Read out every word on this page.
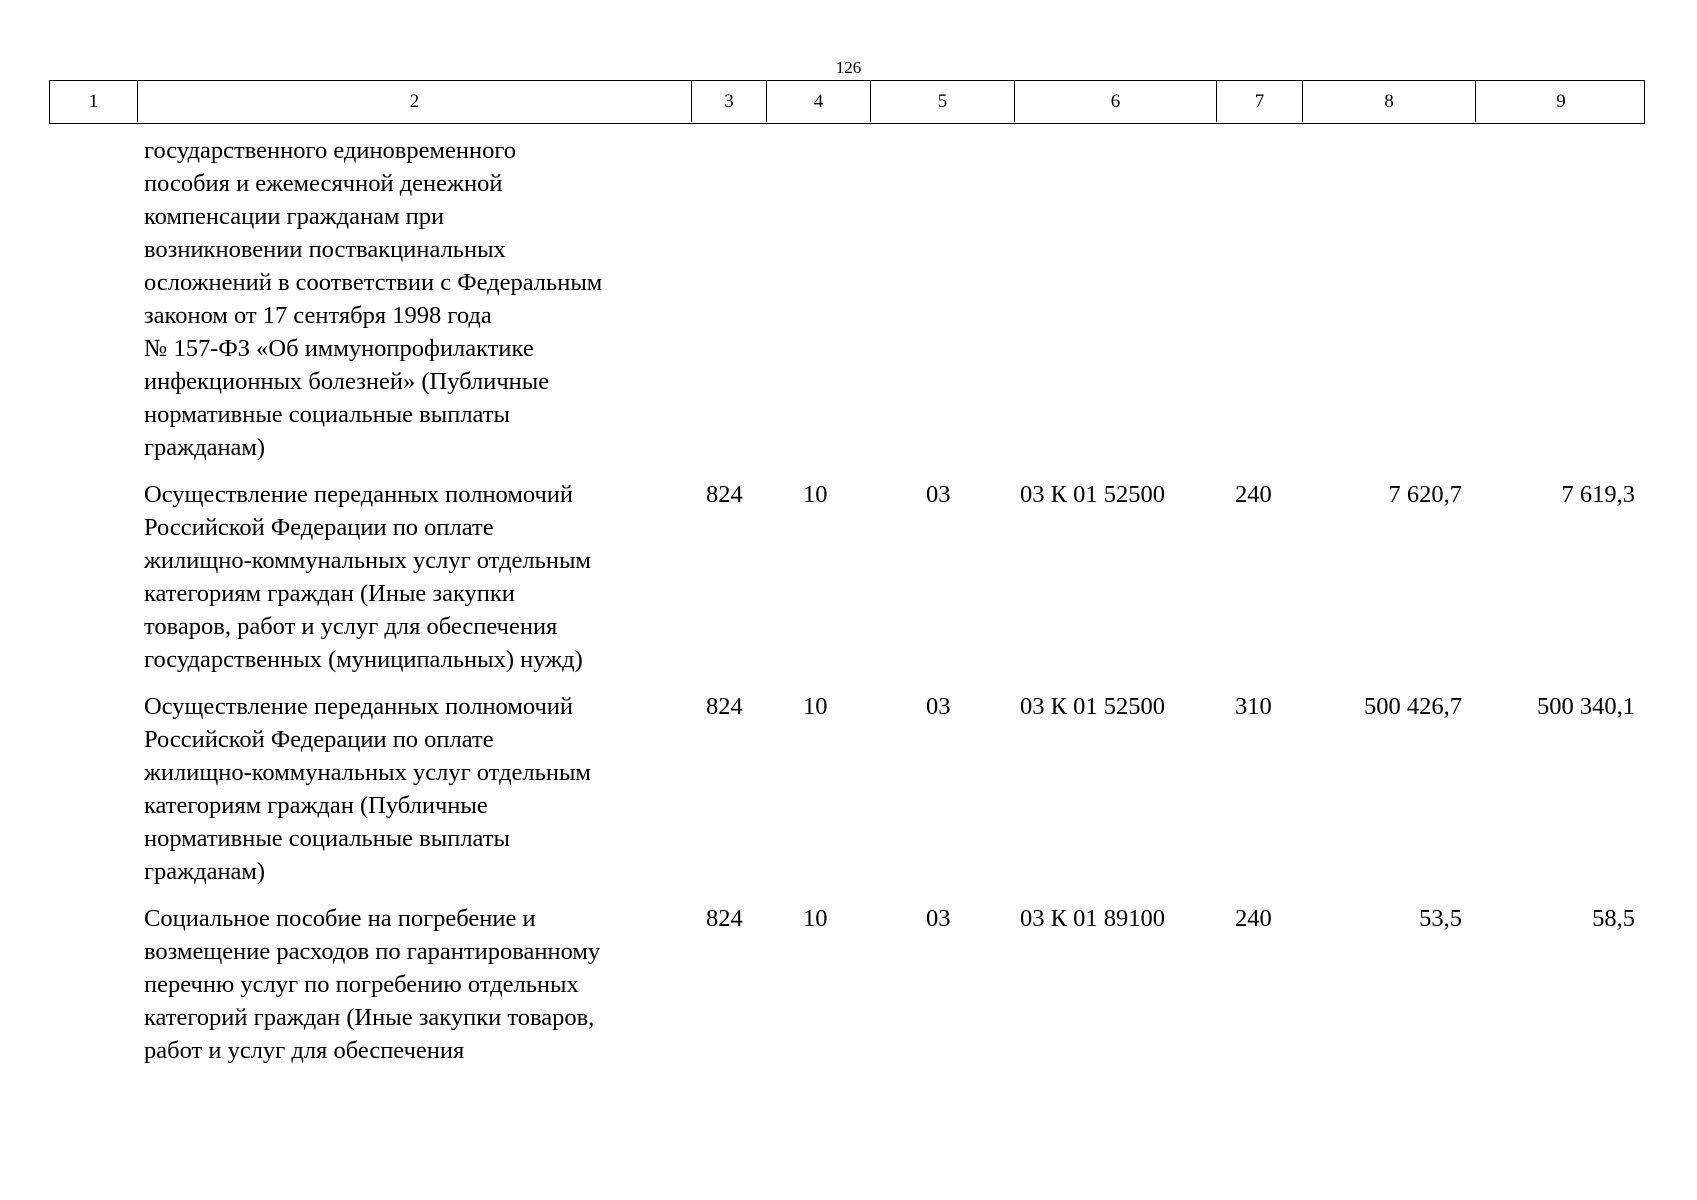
126
1	2	3	4	5	6	7	8	9
государственного единовременного
пособия и ежемесячной денежной
компенсации гражданам при
возникновении поствакцинальных
осложнений в соответствии с Федеральным
законом от 17 сентября 1998 года
№ 157-ФЗ «Об иммунопрофилактике
инфекционных болезней» (Публичные
нормативные социальные выплаты
гражданам)
Осуществление переданных полномочий
Российской Федерации по оплате
жилищно-коммунальных услуг отдельным
категориям граждан (Иные закупки
товаров, работ и услуг для обеспечения
государственных (муниципальных) нужд)
824 10	03	03 К 01 52500	240	7 620,7	7 619,3
Осуществление переданных полномочий
Российской Федерации по оплате
жилищно-коммунальных услуг отдельным
категориям граждан (Публичные
нормативные социальные выплаты
гражданам)
824 10	03	03 К 01 52500	310	500 426,7	500 340,1
Социальное пособие на погребение и
возмещение расходов по гарантированному
перечню услуг по погребению отдельных
категорий граждан (Иные закупки товаров,
работ и услуг для обеспечения
824 10	03	03 К 01 89100	240	53,5	58,5
